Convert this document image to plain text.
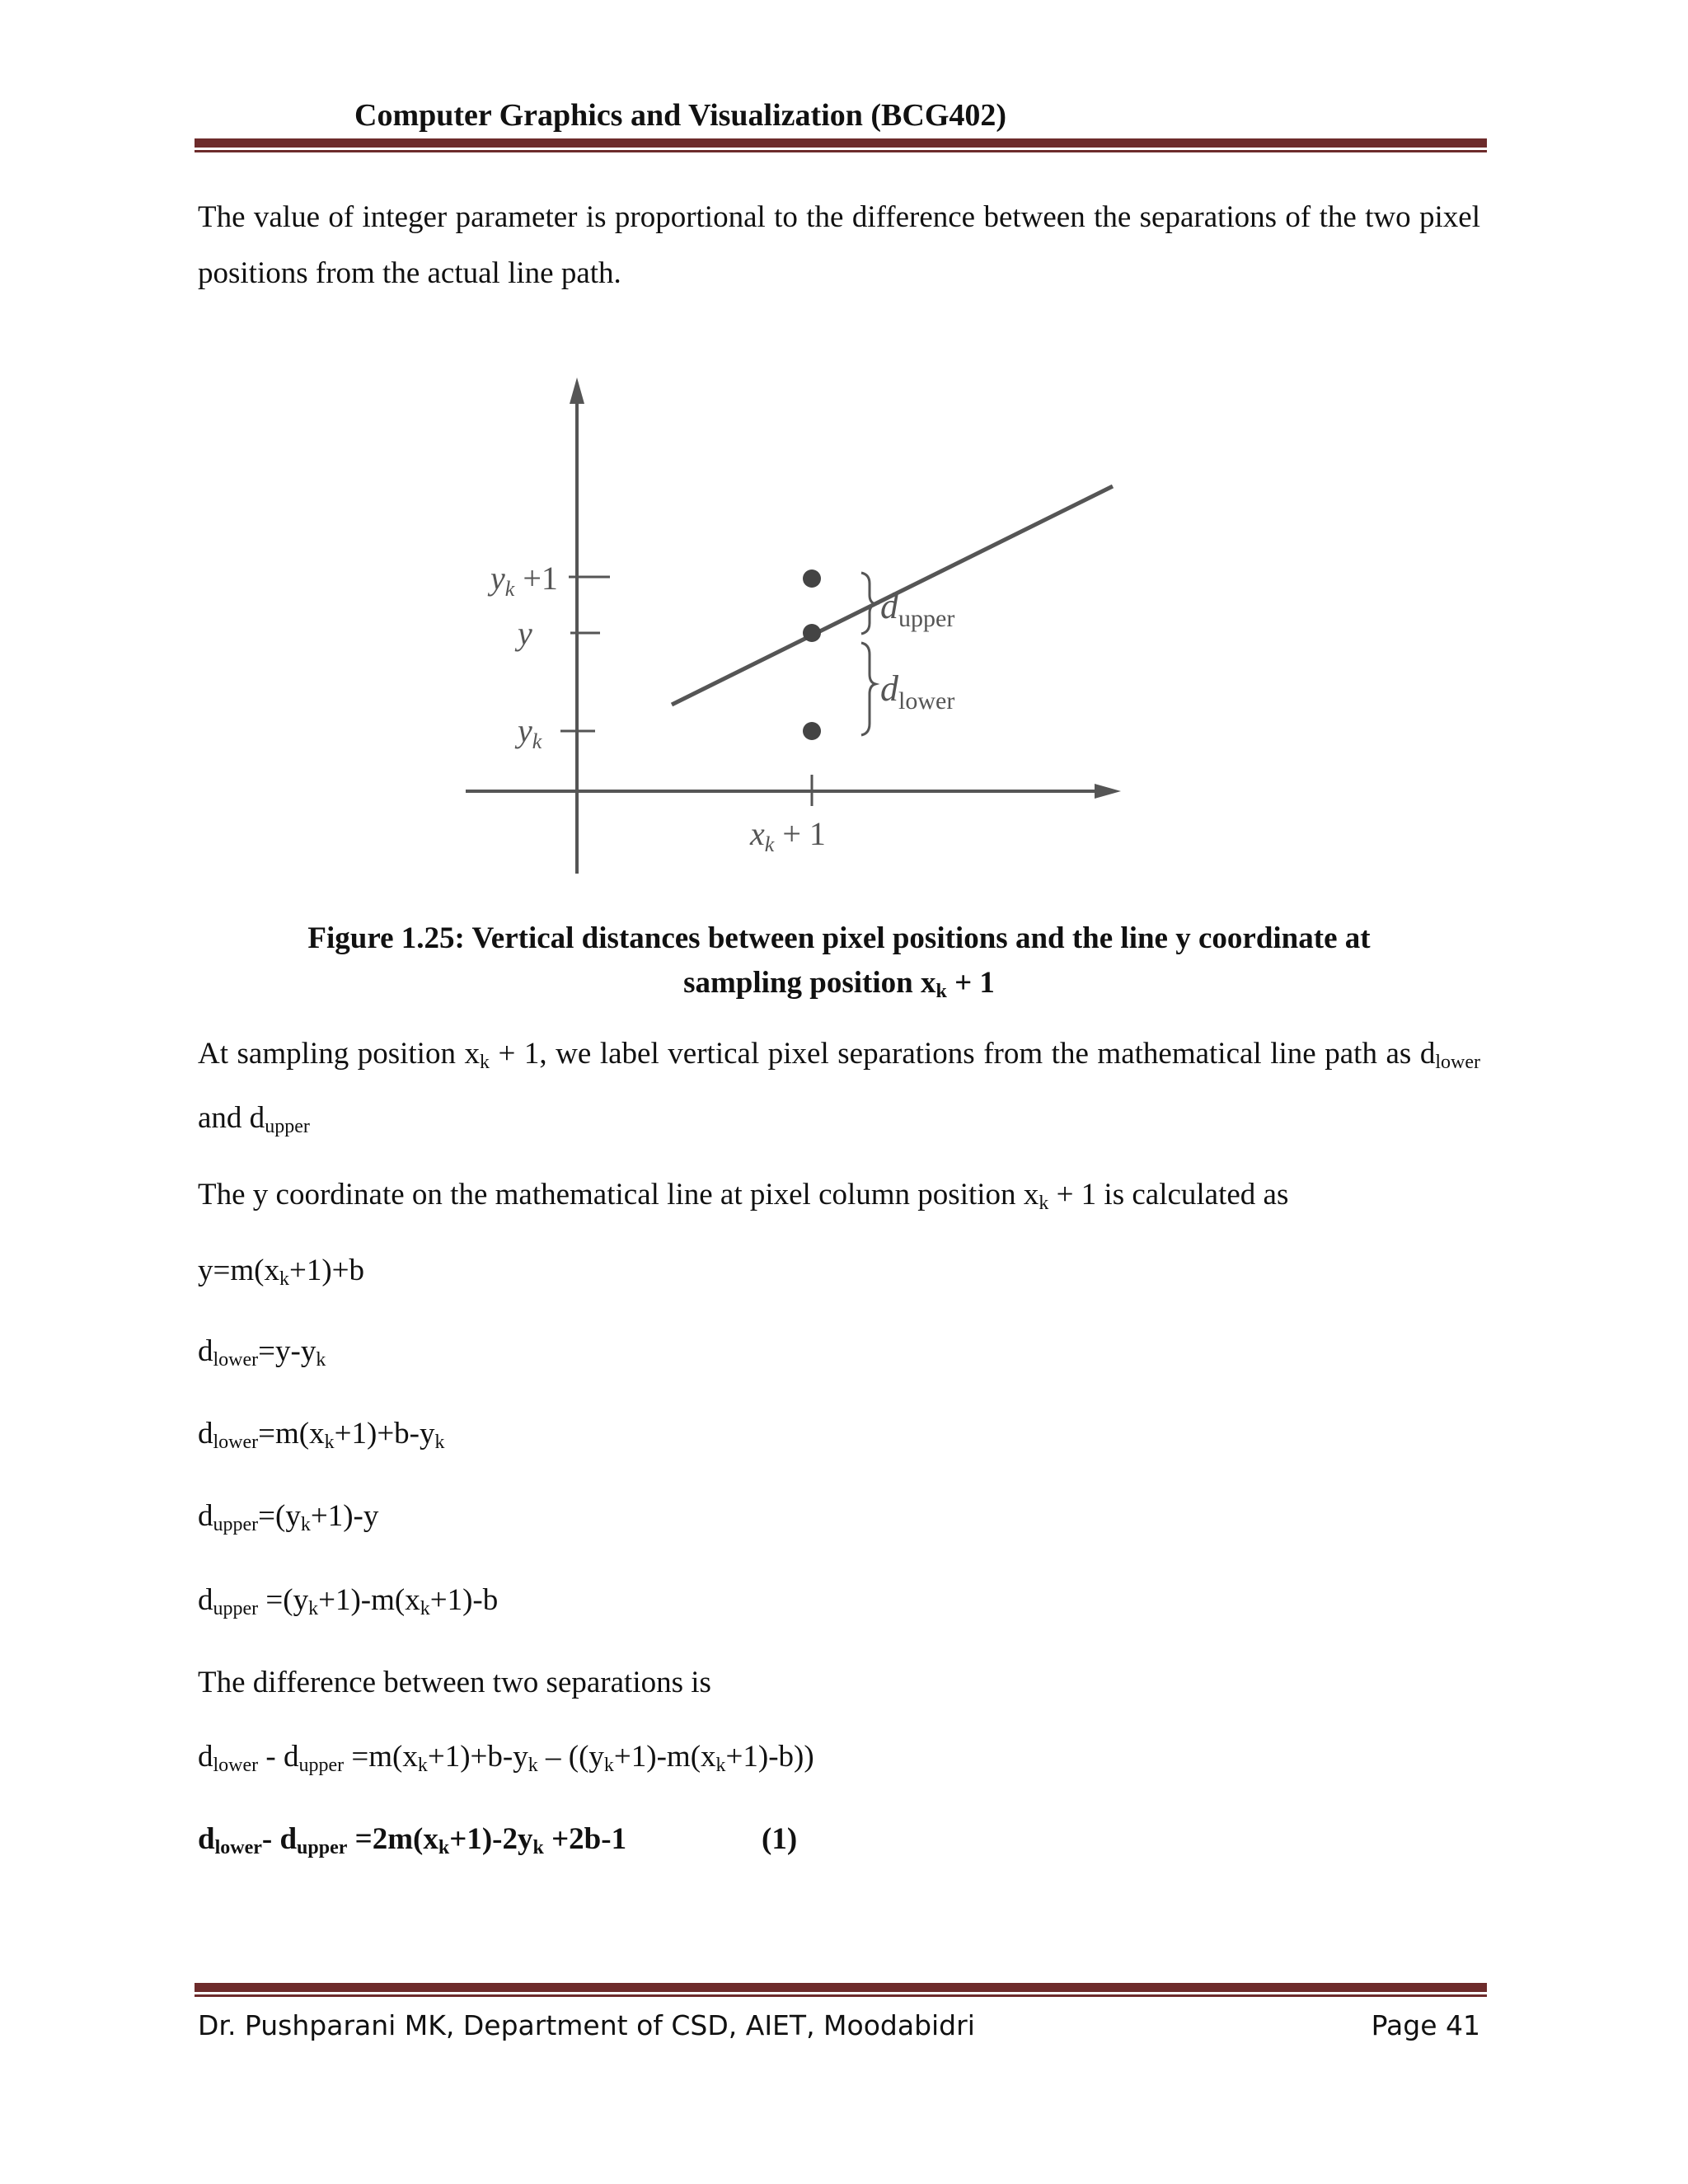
Computer Graphics and Visualization (BCG402)
The value of integer parameter is proportional to the difference between the separations of the two pixel positions from the actual line path.
$y_k +1$
y
$y_k$
$x_k + 1$
$d_{upper}$
$d_{lower}$
Figure 1.25: Vertical distances between pixel positions and the line y coordinate at
sampling position $x_k + 1$
At sampling position $x_k + 1$, we label vertical pixel separations from the mathematical line path as $d_{lower}$ and $d_{upper}$
The y coordinate on the mathematical line at pixel column position $x_k + 1$ is calculated as
$y=m(x_k+1)+b$
$d_{lower}=y-y_k$
$d_{lower}=m(x_k+1)+b-y_k$
$d_{upper}=(y_k+1)-y$
$d_{upper} =(y_k+1)-m(x_k+1)-b$
The difference between two separations is
$d_{lower} - d_{upper} =m(x_k+1)+b-y_k - ((y_k+1)-m(x_k+1)-b)$)
$d_{lower}-$ $d_{upper} =2m(x_k+1)-2y_k +2b-1$	(1)
Dr. Pushparani MK, Department of CSD, AIET, Moodabidri	Page 41
